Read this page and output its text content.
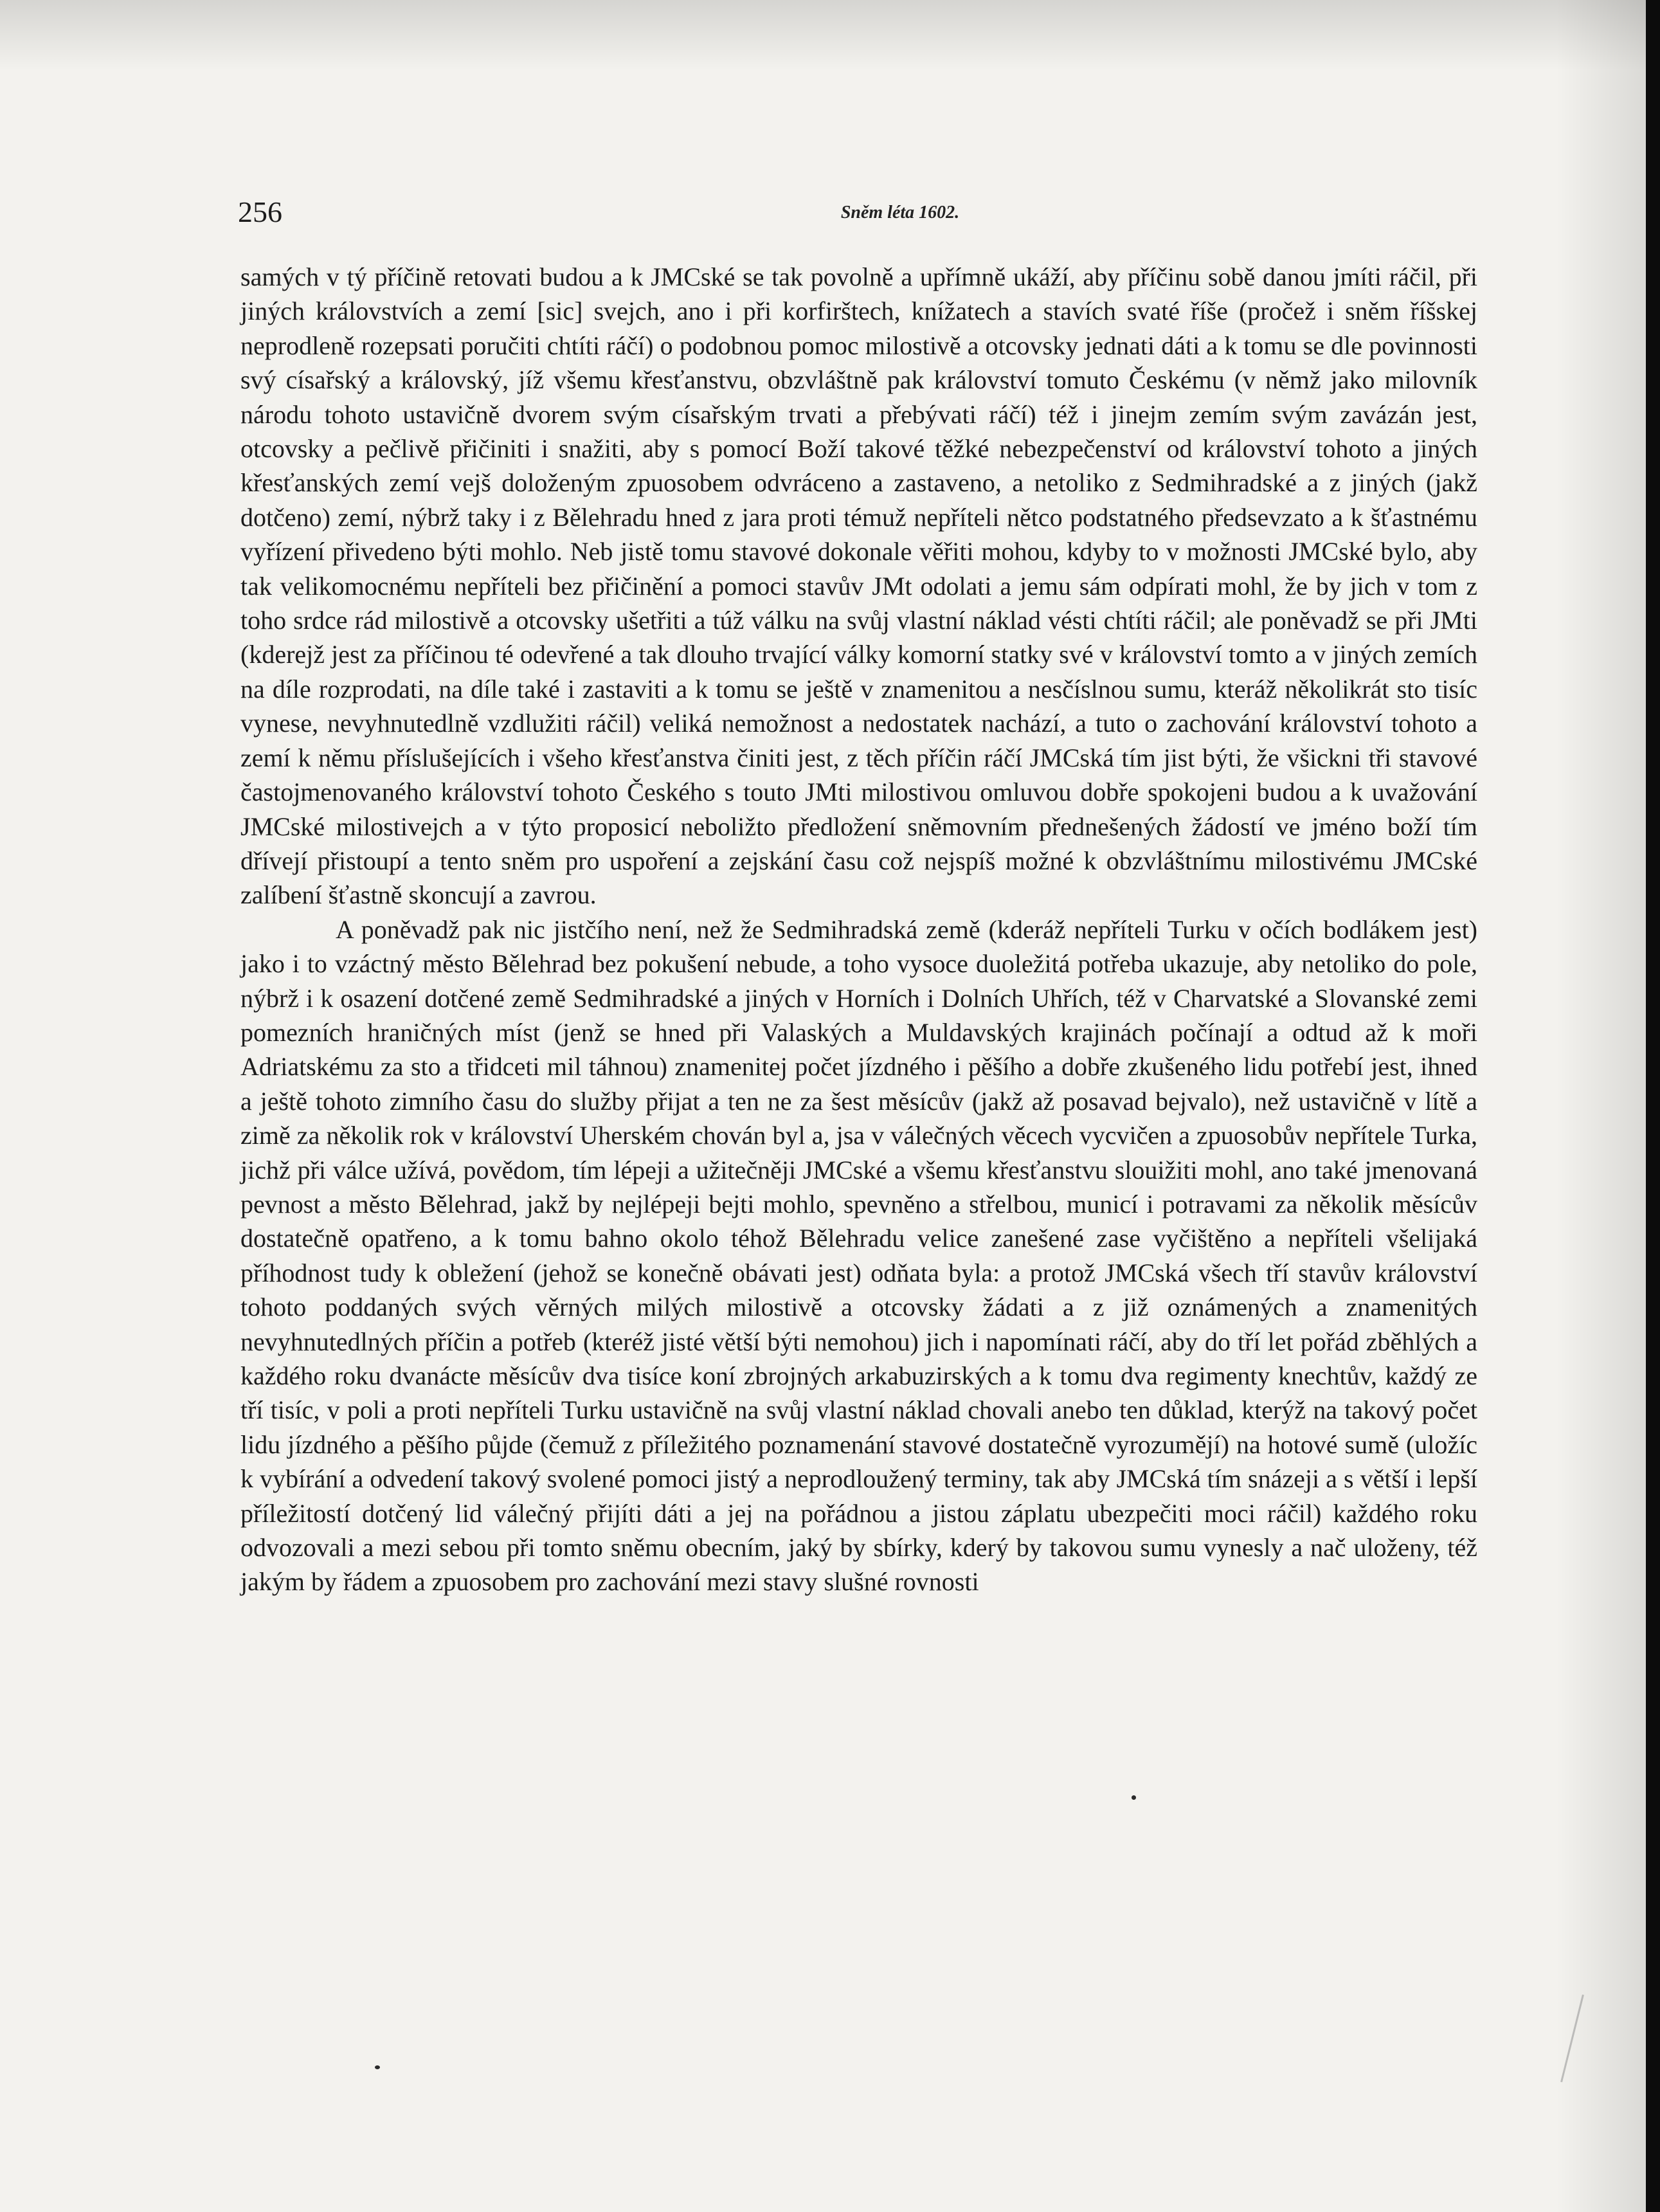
256	Sněm léta 1602.

samých v tý příčině retovati budou a k JMCské se tak povolně a upřímně ukáží, aby příčinu sobě danou jmíti ráčil, při jiných královstvích a zemí [sic] svejch, ano i při korfirštech, knížatech a stavích svaté říše (pročež i sněm říšskej neprodleně rozepsati poručiti chtíti ráčí) o podobnou pomoc milostivě a otcovsky jednati dáti a k tomu se dle povinnosti svý císařský a královský, jíž všemu křesťanstvu, obzvláštně pak království tomuto Českému (v němž jako milovník národu tohoto ustavičně dvorem svým císařským trvati a přebývati ráčí) též i jinejm zemím svým zavázán jest, otcovsky a pečlivě přičiniti i snažiti, aby s pomocí Boží takové těžké nebezpečenství od království tohoto a jiných křesťanských zemí vejš doloženým zpuosobem odvráceno a zastaveno, a netoliko z Sedmihradské a z jiných (jakž dotčeno) zemí, nýbrž taky i z Bělehradu hned z jara proti témuž nepříteli nětco podstatného předsevzato a k šťastnému vyřízení přivedeno býti mohlo. Neb jistě tomu stavové dokonale věřiti mohou, kdyby to v možnosti JMCské bylo, aby tak velikomocnému nepříteli bez přičinění a pomoci stavův JMt odolati a jemu sám odpírati mohl, že by jich v tom z toho srdce rád milostivě a otcovsky ušetřiti a túž válku na svůj vlastní náklad vésti chtíti ráčil; ale poněvadž se při JMti (kderejž jest za příčinou té odevřené a tak dlouho trvající války komorní statky své v království tomto a v jiných zemích na díle rozprodati, na díle také i zastaviti a k tomu se ještě v znamenitou a nesčíslnou sumu, kteráž několikrát sto tisíc vynese, nevyhnutedlně vzdlužiti ráčil) veliká nemožnost a nedostatek nachází, a tuto o zachování království tohoto a zemí k němu příslušejících i všeho křesťanstva činiti jest, z těch příčin ráčí JMCská tím jist býti, že všickni tři stavové častojmenovaného království tohoto Českého s touto JMti milostivou omluvou dobře spokojeni budou a k uvažování JMCské milostivejch a v týto proposicí neboližto předložení sněmovním přednešených žádostí ve jméno boží tím dřívejí přistoupí a tento sněm pro uspoření a zejskání času což nejspíš možné k obzvláštnímu milostivému JMCské zalíbení šťastně skoncují a zavrou.

A poněvadž pak nic jistčího není, než že Sedmihradská země (kderáž nepříteli Turku v očích bodlákem jest) jako i to vzáctný město Bělehrad bez pokušení nebude, a toho vysoce duoležitá potřeba ukazuje, aby netoliko do pole, nýbrž i k osazení dotčené země Sedmihradské a jiných v Horních i Dolních Uhřích, též v Charvatské a Slovanské zemi pomezních hraničných míst (jenž se hned při Valaských a Muldavských krajinách počínají a odtud až k moři Adriatskému za sto a třidceti mil táhnou) znamenitej počet jízdného i pěšího a dobře zkušeného lidu potřebí jest, ihned a ještě tohoto zimního času do služby přijat a ten ne za šest měsícův (jakž až posavad bejvalo), než ustavičně v lítě a zimě za několik rok v království Uherském chován byl a, jsa v válečných věcech vycvičen a zpuosobův nepřítele Turka, jichž při válce užívá, povědom, tím lépeji a užitečněji JMCské a všemu křesťanstvu slouižiti mohl, ano také jmenovaná pevnost a město Bělehrad, jakž by nejlépeji bejti mohlo, spevněno a střelbou, municí i potravami za několik měsícův dostatečně opatřeno, a k tomu bahno okolo téhož Bělehradu velice zanešené zase vyčištěno a nepříteli všelijaká příhodnost tudy k obležení (jehož se konečně obávati jest) odňata byla: a protož JMCská všech tří stavův království tohoto poddaných svých věrných milých milostivě a otcovsky žádati a z již oznámených a znamenitých nevyhnutedlných příčin a potřeb (kteréž jisté větší býti nemohou) jich i napomínati ráčí, aby do tří let pořád zběhlých a každého roku dvanácte měsícův dva tisíce koní zbrojných arkabuzirských a k tomu dva regimenty knechtův, každý ze tří tisíc, v poli a proti nepříteli Turku ustavičně na svůj vlastní náklad chovali anebo ten důklad, kterýž na takový počet lidu jízdného a pěšího půjde (čemuž z příležitého poznamenání stavové dostatečně vyrozumějí) na hotové sumě (uložíc k vybírání a odvedení takový svolené pomoci jistý a neprodloužený terminy, tak aby JMCská tím snázeji a s větší i lepší příležitostí dotčený lid válečný přijíti dáti a jej na pořádnou a jistou záplatu ubezpečiti moci ráčil) každého roku odvozovali a mezi sebou při tomto sněmu obecním, jaký by sbírky, kderý by takovou sumu vynesly a nač uloženy, též jakým by řádem a zpuosobem pro zachování mezi stavy slušné rovnosti
